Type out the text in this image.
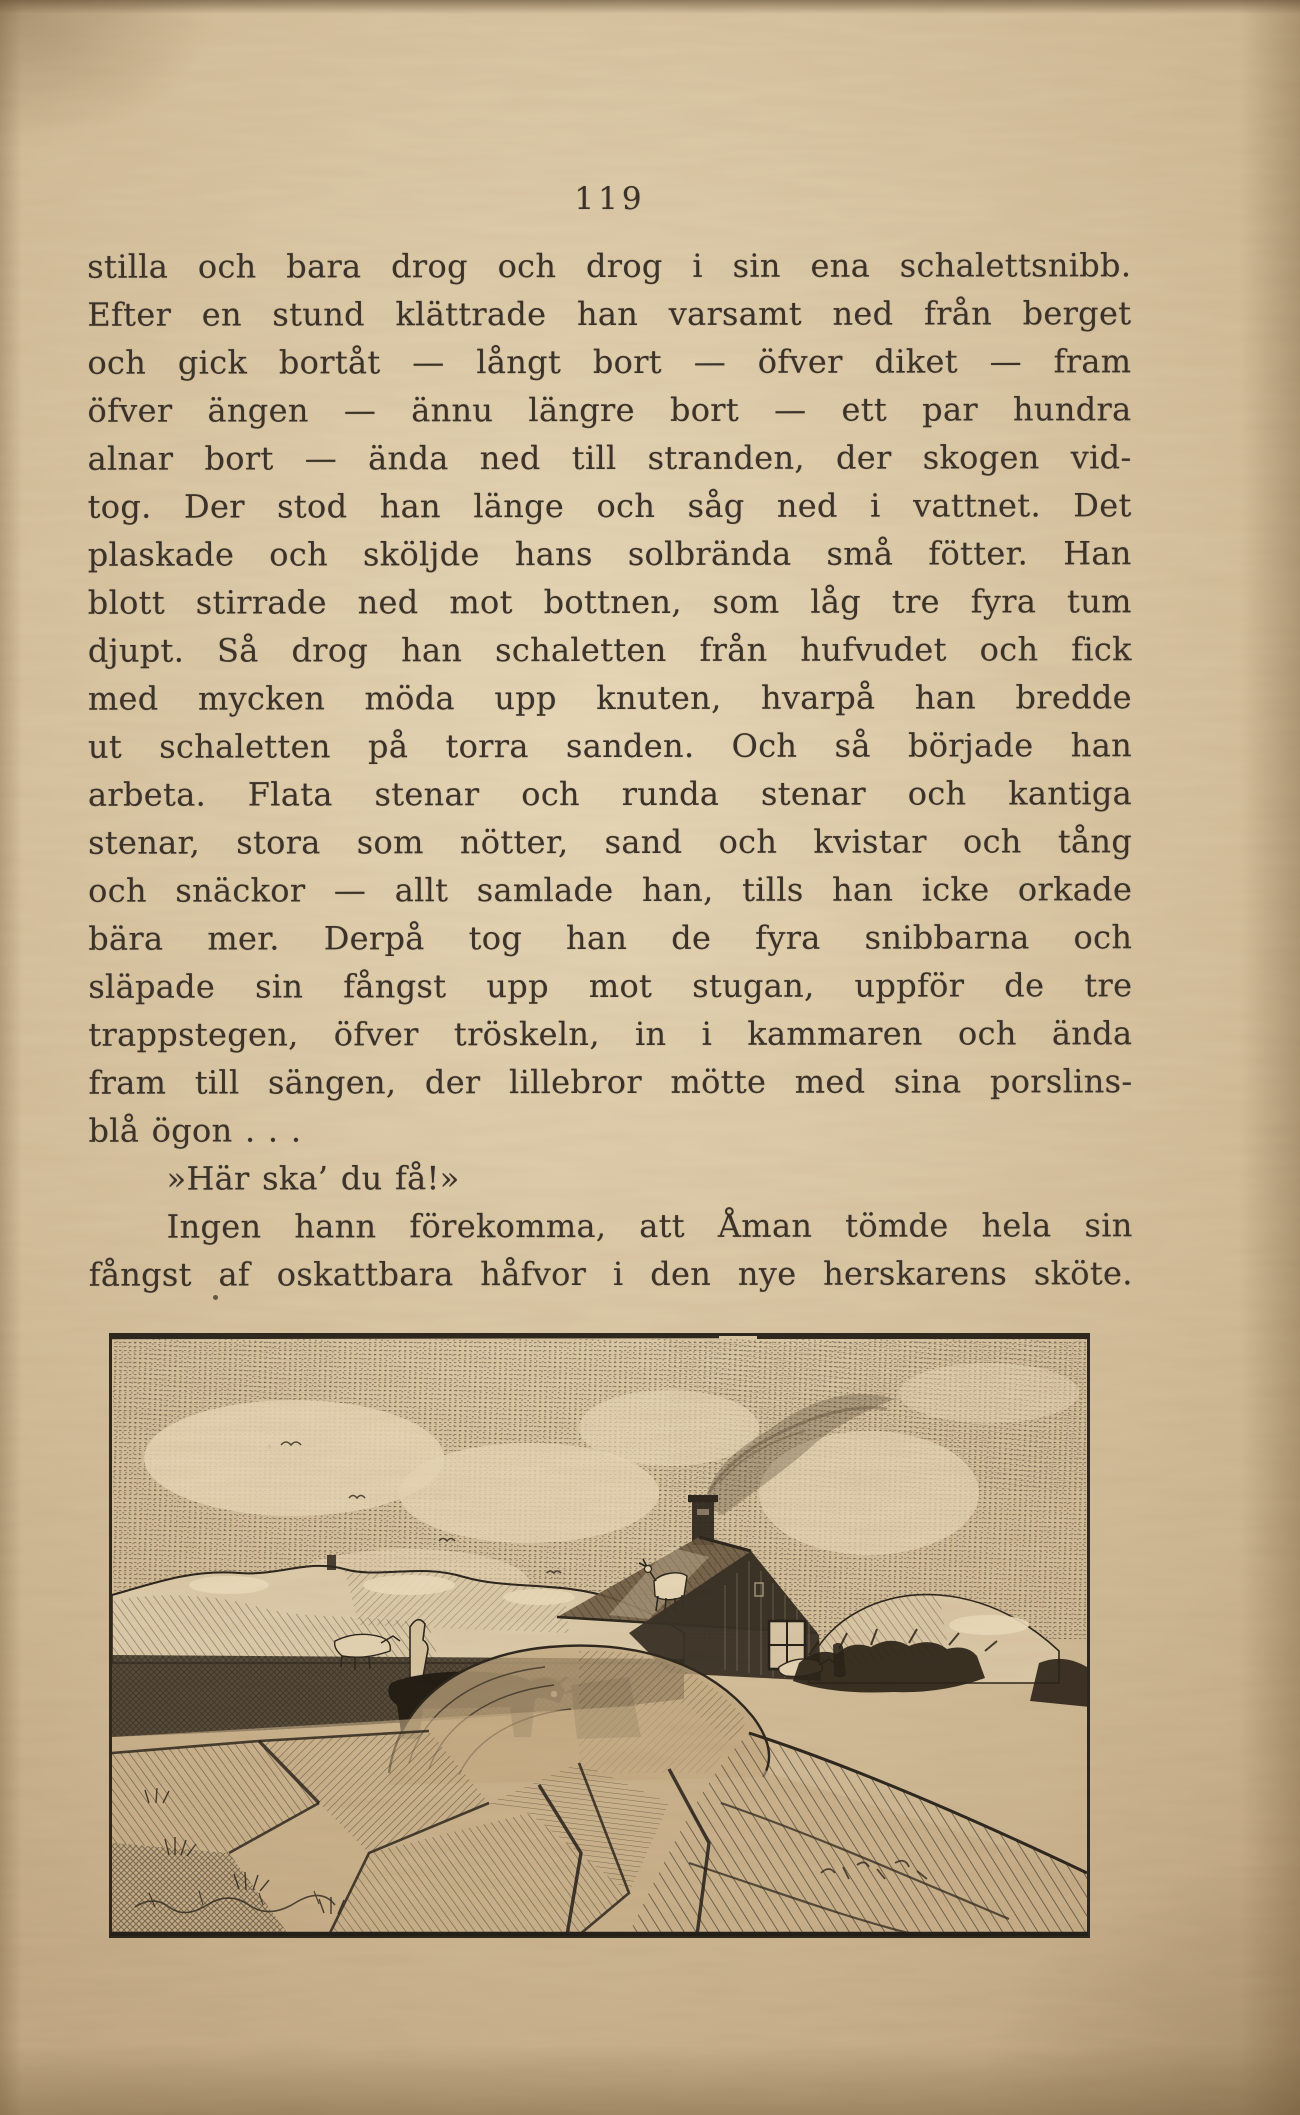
119
stilla och bara drog och drog i sin ena schalettsnibb.
Efter en stund klättrade han varsamt ned från berget
och gick bortåt — långt bort — öfver diket — fram
öfver ängen — ännu längre bort — ett par hundra
alnar bort — ända ned till stranden, der skogen vid-
tog. Der stod han länge och såg ned i vattnet. Det
plaskade och sköljde hans solbrända små fötter. Han
blott stirrade ned mot bottnen, som låg tre fyra tum
djupt. Så drog han schaletten från hufvudet och fick
med mycken möda upp knuten, hvarpå han bredde
ut schaletten på torra sanden. Och så började han
arbeta. Flata stenar och runda stenar och kantiga
stenar, stora som nötter, sand och kvistar och tång
och snäckor — allt samlade han, tills han icke orkade
bära mer. Derpå tog han de fyra snibbarna och
släpade sin fångst upp mot stugan, uppför de tre
trappstegen, öfver tröskeln, in i kammaren och ända
fram till sängen, der lillebror mötte med sina porslins-
blå ögon . . .
»Här ska’ du få!»
Ingen hann förekomma, att Åman tömde hela sin
fångst af oskattbara håfvor i den nye herskarens sköte.
